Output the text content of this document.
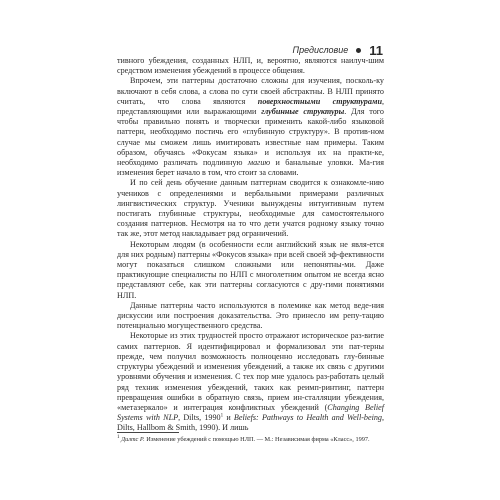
Предисловие 11

тивного убеждения, созданных НЛП, и, вероятно, являются наилуч-шим средством изменения убеждений в процессе общения.

Впрочем, эти паттерны достаточно сложны для изучения, посколь-ку включают в себя слова, а слова по сути своей абстрактны. В НЛП принято считать, что слова являются поверхностными структурами, представляющими или выражающими глубинные структуры. Для того чтобы правильно понять и творчески применить какой-либо языковой паттерн, необходимо постичь его «глубинную структуру». В против-ном случае мы сможем лишь имитировать известные нам примеры. Таким образом, обучаясь «Фокусам языка» и используя их на практи-ке, необходимо различать подлинную магию и банальные уловки. Ма-гия изменения берет начало в том, что стоит за словами.

И по сей день обучение данным паттернам сводится к ознакомле-нию учеников с определениями и вербальными примерами различных лингвистических структур. Ученики вынуждены интуитивным путем постигать глубинные структуры, необходимые для самостоятельного создания паттернов. Несмотря на то что дети учатся родному языку точно так же, этот метод накладывает ряд ограничений.

Некоторым людям (в особенности если английский язык не явля-ется для них родным) паттерны «Фокусов языка» при всей своей эф-фективности могут показаться слишком сложными или непонятны-ми. Даже практикующие специалисты по НЛП с многолетним опытом не всегда ясно представляют себе, как эти паттерны согласуются с дру-гими понятиями НЛП.

Данные паттерны часто используются в полемике как метод веде-ния дискуссии или построения доказательства. Это принесло им репу-тацию потенциально могущественного средства.

Некоторые из этих трудностей просто отражают историческое раз-витие самих паттернов. Я идентифицировал и формализовал эти пат-терны прежде, чем получил возможность полноценно исследовать глу-бинные структуры убеждений и изменения убеждений, а также их связь с другими уровнями обучения и изменения. С тех пор мне удалось раз-работать целый ряд техник изменения убеждений, таких как реимп-ринтинг, паттерн превращения ошибки в обратную связь, прием ин-сталляции убеждения, «метазеркало» и интеграция конфликтных убеждений (Changing Belief Systems with NLP, Dilts, 1990$^1$ и Beliefs: Pathways to Health and Well-being, Dilts, Hallbom & Smith, 1990). И лишь

$^1$ Дилтс Р. Изменение убеждений с помощью НЛП. — М.: Независимая фирма «Класс», 1997.
